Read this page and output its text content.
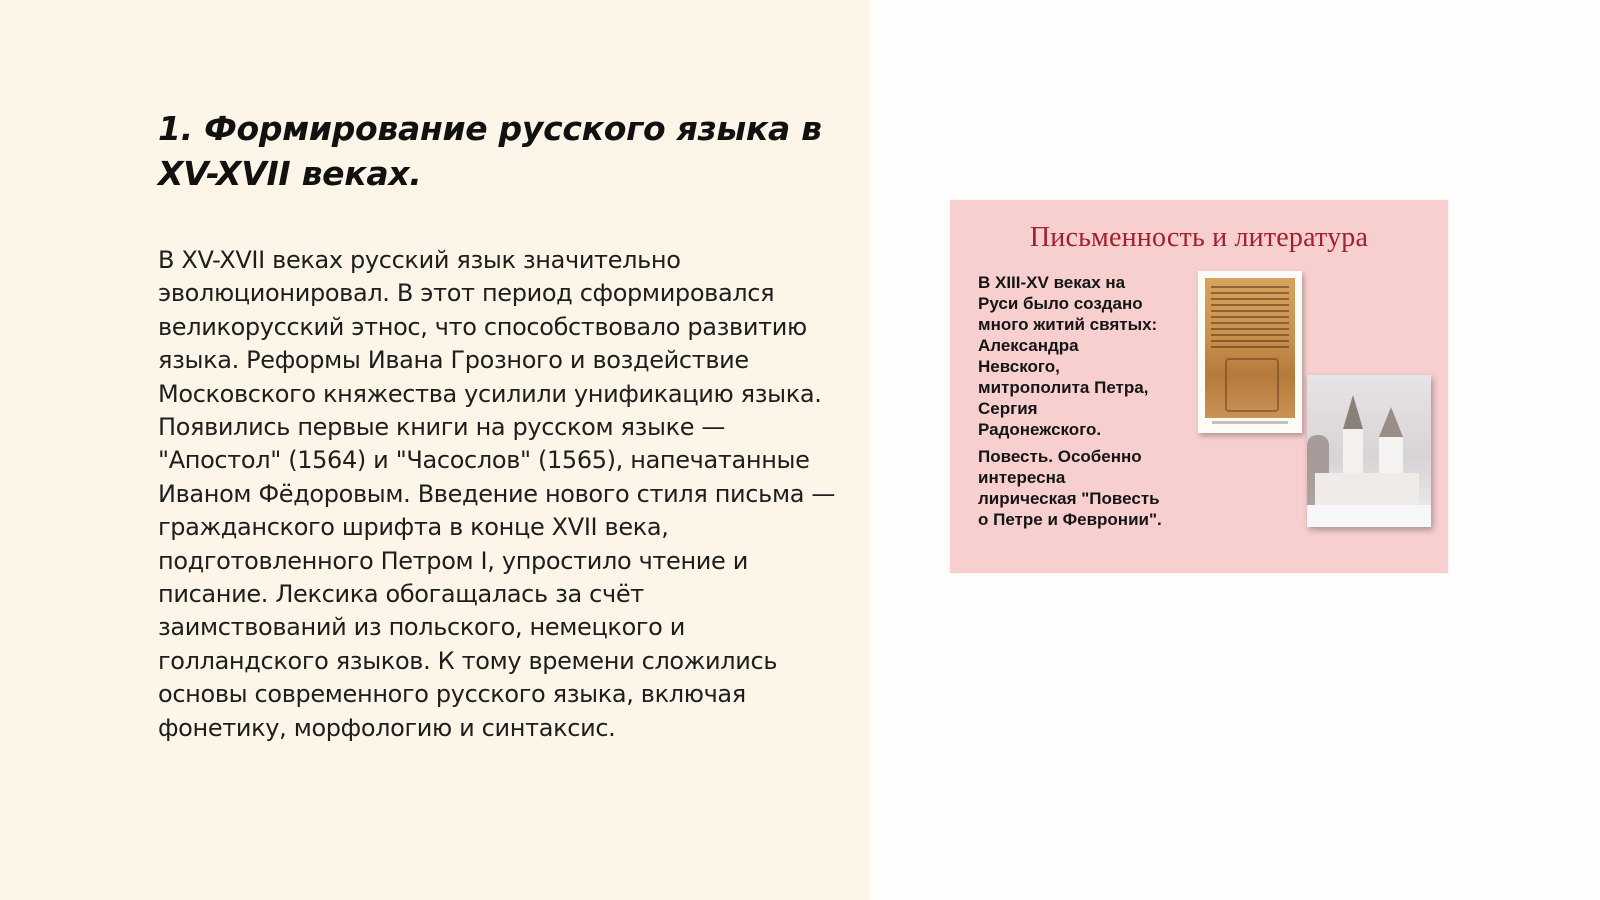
1. Формирование русского языка в XV-XVII веках.

В XV-XVII веках русский язык значительно эволюционировал. В этот период сформировался великорусский этнос, что способствовало развитию языка. Реформы Ивана Грозного и воздействие Московского княжества усилили унификацию языка. Появились первые книги на русском языке — "Апостол" (1564) и "Часослов" (1565), напечатанные Иваном Фёдоровым. Введение нового стиля письма — гражданского шрифта в конце XVII века, подготовленного Петром I, упростило чтение и писание. Лексика обогащалась за счёт заимствований из польского, немецкого и голландского языков. К тому времени сложились основы современного русского языка, включая фонетику, морфологию и синтаксис.

Письменность и литература

В XIII-XV веках на
Руси было создано
много житий святых:
Александра
Невского,
митрополита Петра,
Сергия
Радонежского.

Повесть. Особенно
интересна
лирическая "Повесть
о Петре и Февронии".
